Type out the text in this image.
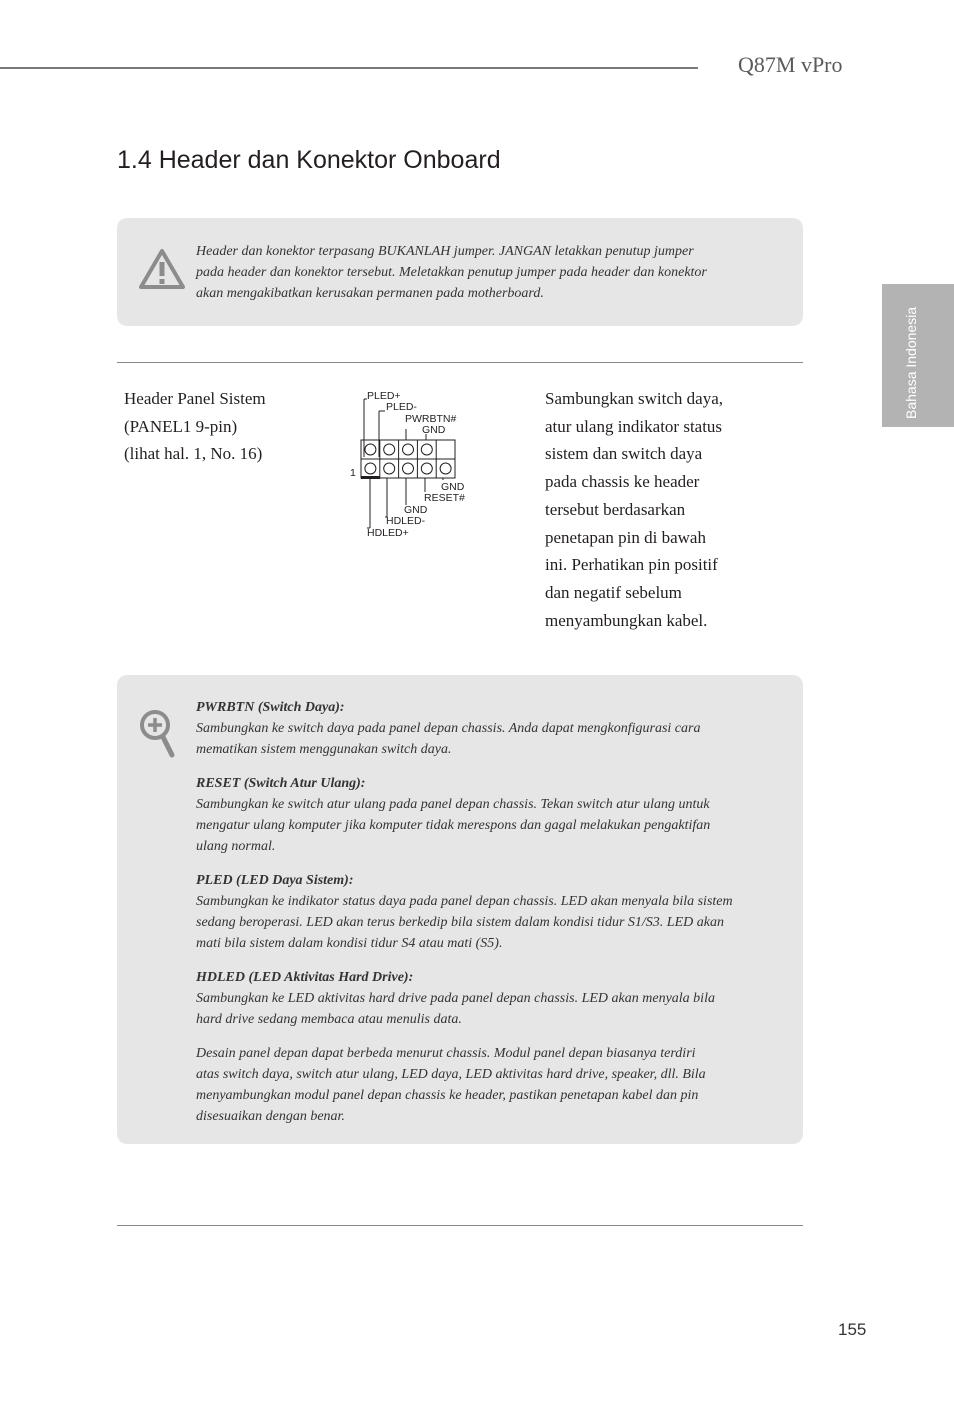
Q87M vPro
Bahasa Indonesia
1.4 Header dan Konektor Onboard
Header dan konektor terpasang BUKANLAH jumper. JANGAN letakkan penutup jumper
pada header dan konektor tersebut. Meletakkan penutup jumper pada header dan konektor
akan mengakibatkan kerusakan permanen pada motherboard.
Header Panel Sistem
(PANEL1 9-pin)
(lihat hal. 1, No. 16)
PLED+
PLED-
PWRBTN#
GND
1
GND
RESET#
GND
HDLED-
HDLED+
Sambungkan switch daya,
atur ulang indikator status
sistem dan switch daya
pada chassis ke header
tersebut berdasarkan
penetapan pin di bawah
ini. Perhatikan pin positif
dan negatif sebelum
menyambungkan kabel.
PWRBTN (Switch Daya):
Sambungkan ke switch daya pada panel depan chassis. Anda dapat mengkonfigurasi cara
mematikan sistem menggunakan switch daya.
RESET (Switch Atur Ulang):
Sambungkan ke switch atur ulang pada panel depan chassis. Tekan switch atur ulang untuk
mengatur ulang komputer jika komputer tidak merespons dan gagal melakukan pengaktifan
ulang normal.
PLED (LED Daya Sistem):
Sambungkan ke indikator status daya pada panel depan chassis. LED akan menyala bila sistem
sedang beroperasi. LED akan terus berkedip bila sistem dalam kondisi tidur S1/S3. LED akan
mati bila sistem dalam kondisi tidur S4 atau mati (S5).
HDLED (LED Aktivitas Hard Drive):
Sambungkan ke LED aktivitas hard drive pada panel depan chassis. LED akan menyala bila
hard drive sedang membaca atau menulis data.
Desain panel depan dapat berbeda menurut chassis. Modul panel depan biasanya terdiri
atas switch daya, switch atur ulang, LED daya, LED aktivitas hard drive, speaker, dll. Bila
menyambungkan modul panel depan chassis ke header, pastikan penetapan kabel dan pin
disesuaikan dengan benar.
155
